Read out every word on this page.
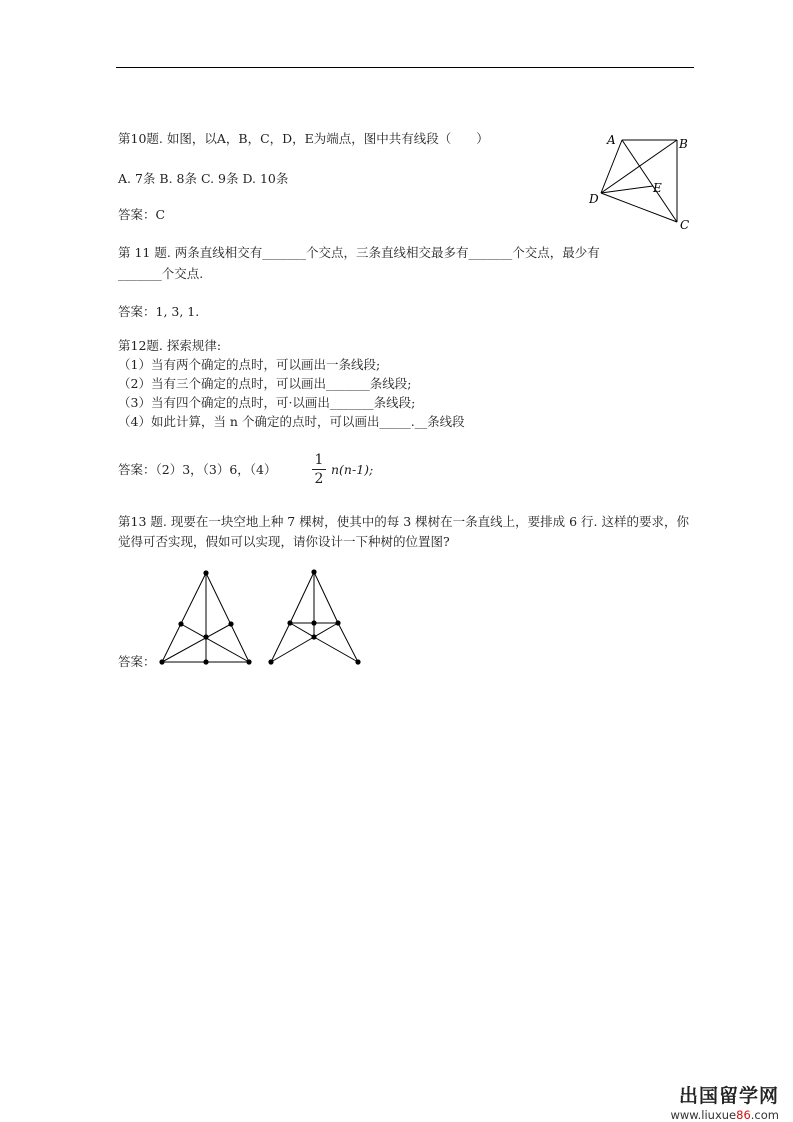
第10题. 如图，以A，B，C，D，E为端点，图中共有线段（　　）
A. 7条 B. 8条 C. 9条 D. 10条
答案：C
A	B
C
D
E
第 11 题. 两条直线相交有_______个交点，三条直线相交最多有_______个交点，最少有
_______个交点.
答案：1, 3, 1.
第12题. 探索规律:
（1）当有两个确定的点时，可以画出一条线段;
（2）当有三个确定的点时，可以画出_______条线段;
（3）当有四个确定的点时，可·以画出_______条线段;
（4）如此计算，当 n 个确定的点时，可以画出_____.__条线段
答案：（2）3，（3）6，（4）
1
2
n(n-1);
第13 题. 现要在一块空地上种 7 棵树，使其中的每 3 棵树在一条直线上，要排成 6 行. 这样的要求，你觉得可否实现，假如可以实现，请你设计一下种树的位置图?
答案：
出国留学网
www.liuxue86.com
